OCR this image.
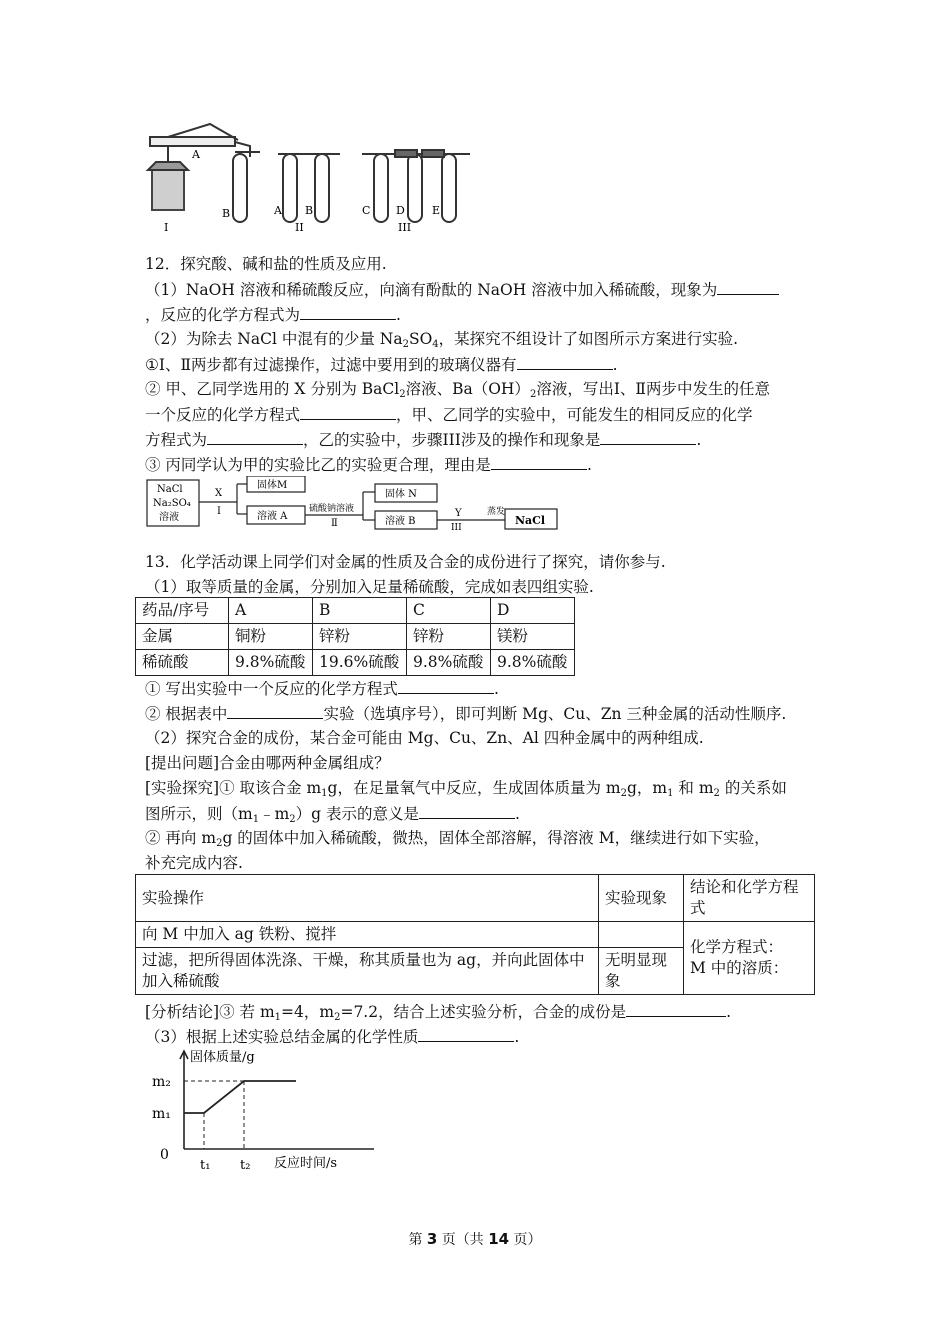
A
B	A B	C D E
I	II	III
12．探究酸、碱和盐的性质及应用.
（1）NaOH 溶液和稀硫酸反应，向滴有酚酞的 NaOH 溶液中加入稀硫酸，现象为
，反应的化学方程式为	.
（2）为除去 NaCl 中混有的少量 $Na_2SO_4$，某探究不组设计了如图所示方案进行实验.
①Ⅰ、Ⅱ两步都有过滤操作，过滤中要用到的玻璃仪器有	.
② 甲、乙同学选用的 X 分别为 BaCl$_2$溶液、$Ba(OH)_2$溶液，写出Ⅰ、Ⅱ两步中发生的任意
一个反应的化学方程式	，甲、乙同学的实验中，可能发生的相同反应的化学
方程式为	，乙的实验中，步骤III涉及的操作和现象是	.
③ 丙同学认为甲的实验比乙的实验更合理，理由是	.
NaCl
Na₂SO₄
溶液
X
Ⅰ
固体M
溶液 A
硫酸钠溶液
Ⅱ
固体 N
溶液 B
Y
III
蒸发
NaCl
13．化学活动课上同学们对金属的性质及合金的成份进行了探究，请你参与.
（1）取等质量的金属，分别加入足量稀硫酸，完成如表四组实验.
药品/序号	A	B	C	D
金属	铜粉	锌粉	锌粉	镁粉
稀硫酸	9.8%硫酸	19.6%硫酸	9.8%硫酸	9.8%硫酸
① 写出实验中一个反应的化学方程式	.
② 根据表中	实验（选填序号），即可判断 Mg、Cu、Zn 三种金属的活动性顺序.
（2）探究合金的成份，某合金可能由 Mg、Cu、Zn、Al 四种金属中的两种组成.
[提出问题]合金由哪两种金属组成？
[实验探究]① 取该合金 $m_1g$，在足量氧气中反应，生成固体质量为 $m_2g$，$m_1$ 和 $m_2$ 的关系如
图所示，则$(m_1﹣m_2)g$ 表示的意义是	.
② 再向 $m_2g$ 的固体中加入稀硫酸，微热，固体全部溶解，得溶液 M，继续进行如下实验，
补充完成内容.
实验操作	实验现象	结论和化学方程式
向 M 中加入 ag 铁粉、搅拌		化学方程式：
M 中的溶质：

过滤，把所得固体洗涤、干燥，称其质量也为 ag，并向此固体中加入稀硫酸	无明显现象	
[分析结论]③ 若 $m_1=4$，$m_2=7.2$，结合上述实验分析，合金的成份是	.
（3）根据上述实验总结金属的化学性质	.
固体质量/g
m₂
m₁
0
t₁ t₂ 反应时间/s
第 3 页（共 14 页）
